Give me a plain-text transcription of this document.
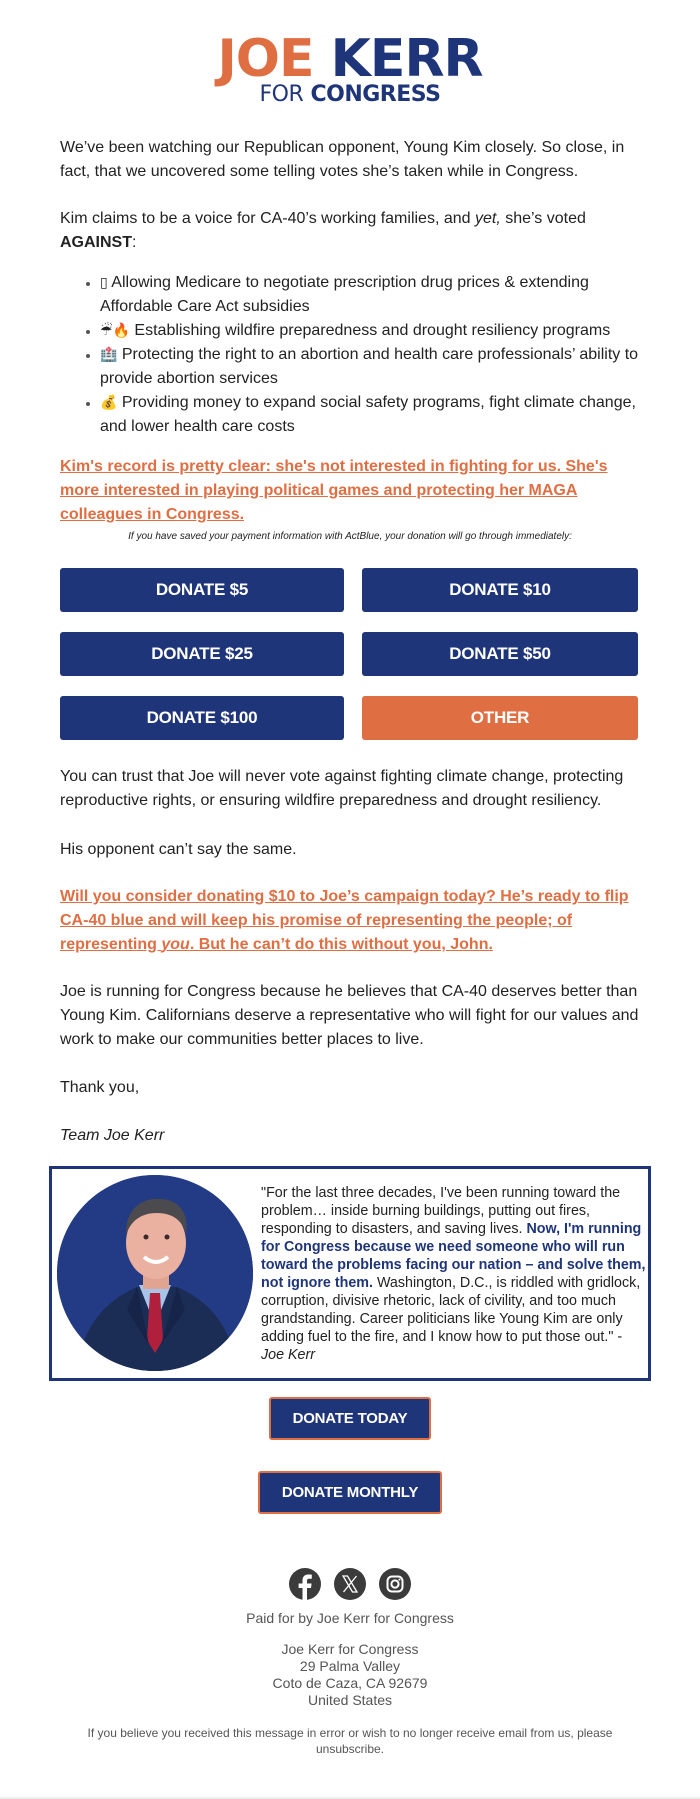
JOE KERR
FOR CONGRESS

We’ve been watching our Republican opponent, Young Kim closely. So close, in fact, that we uncovered some telling votes she’s taken while in Congress.

Kim claims to be a voice for CA-40’s working families, and yet, she’s voted
AGAINST:

• ▯ Allowing Medicare to negotiate prescription drug prices & extending Affordable Care Act subsidies
• ☔🔥 Establishing wildfire preparedness and drought resiliency programs
• 🏥 Protecting the right to an abortion and health care professionals’ ability to provide abortion services
• 💰 Providing money to expand social safety programs, fight climate change, and lower health care costs
Kim's record is pretty clear: she's not interested in fighting for us. She's more interested in playing political games and protecting her MAGA colleagues in Congress.

If you have saved your payment information with ActBlue, your donation will go through immediately:

DONATE $5	DONATE $10
DONATE $25	DONATE $50
DONATE $100	OTHER

You can trust that Joe will never vote against fighting climate change, protecting reproductive rights, or ensuring wildfire preparedness and drought resiliency.

His opponent can’t say the same.

Will you consider donating $10 to Joe’s campaign today? He’s ready to flip CA-40 blue and will keep his promise of representing the people; of representing you. But he can’t do this without you, John.

Joe is running for Congress because he believes that CA-40 deserves better than Young Kim. Californians deserve a representative who will fight for our values and work to make our communities better places to live.

Thank you,

Team Joe Kerr

"For the last three decades, I've been running toward the problem… inside burning buildings, putting out fires, responding to disasters, and saving lives. Now, I'm running for Congress because we need someone who will run toward the problems facing our nation – and solve them, not ignore them. Washington, D.C., is riddled with gridlock, corruption, divisive rhetoric, lack of civility, and too much grandstanding. Career politicians like Young Kim are only adding fuel to the fire, and I know how to put those out." - Joe Kerr
DONATE TODAY
DONATE MONTHLY

Paid for by Joe Kerr for Congress

Joe Kerr for Congress
29 Palma Valley
Coto de Caza, CA 92679
United States

If you believe you received this message in error or wish to no longer receive email from us, please unsubscribe.
